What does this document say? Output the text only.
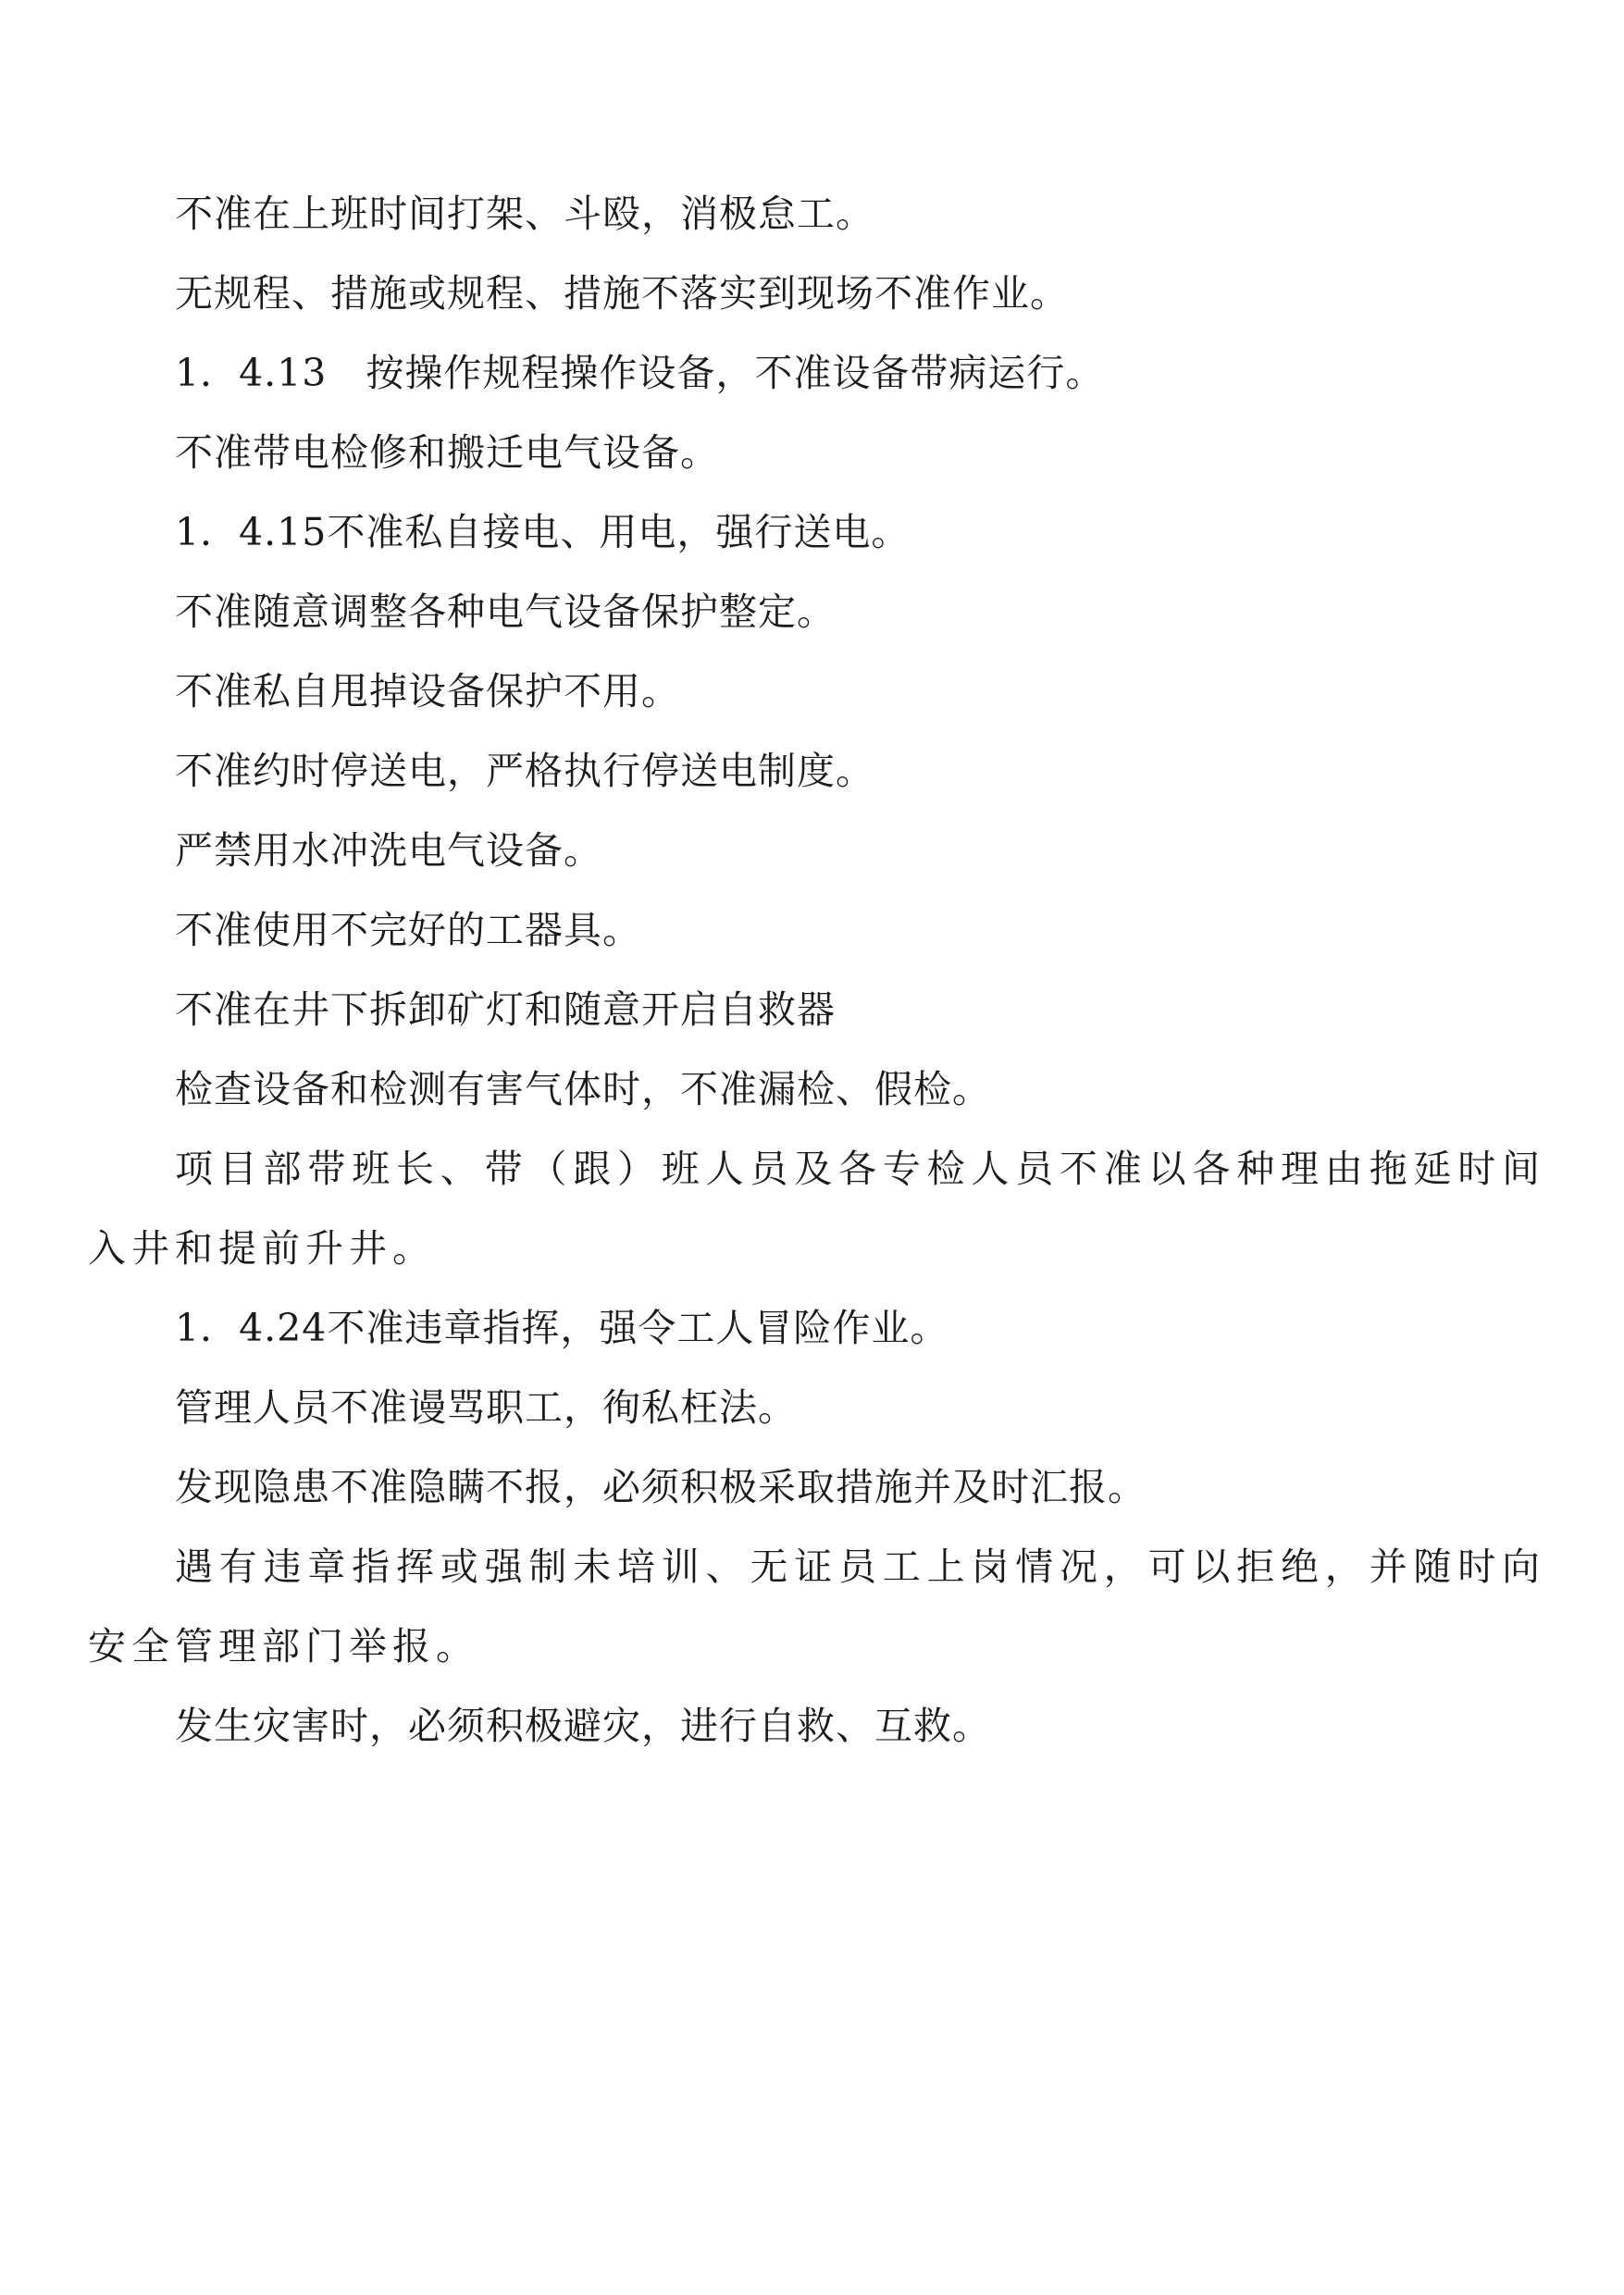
不准在上班时间打架、斗殴，消极怠工。

无规程、措施或规程、措施不落实到现场不准作业。

1．4.13　按操作规程操作设备，不准设备带病运行。

不准带电检修和搬迁电气设备。

1．4.15不准私自接电、用电，强行送电。

不准随意调整各种电气设备保护整定。

不准私自甩掉设备保护不用。

不准约时停送电，严格执行停送电制度。

严禁用水冲洗电气设备。

不准使用不完好的工器具。

不准在井下拆卸矿灯和随意开启自救器

检查设备和检测有害气体时，不准漏检、假检。

项目部带班长、带（跟）班人员及各专检人员不准以各种理由拖延时间入井和提前升井。

1．4.24不准违章指挥，强令工人冒险作业。

管理人员不准谩骂职工，徇私枉法。

发现隐患不准隐瞒不报，必须积极采取措施并及时汇报。

遇有违章指挥或强制未培训、无证员工上岗情况，可以拒绝，并随时向安全管理部门举报。

发生灾害时，必须积极避灾，进行自救、互救。
